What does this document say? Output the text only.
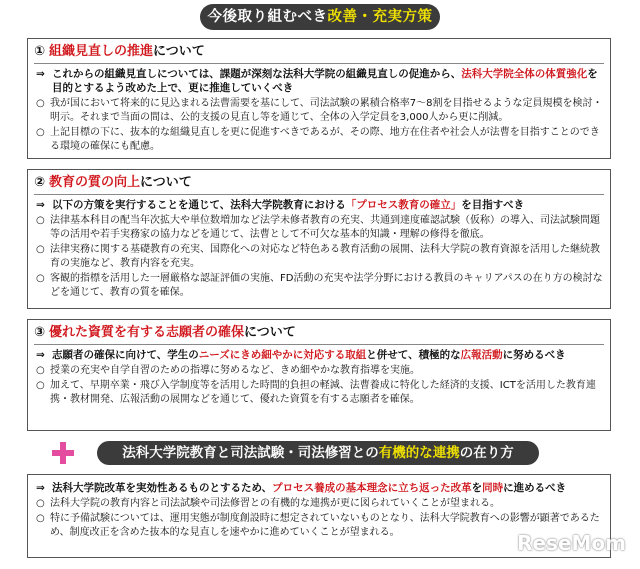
今後取り組むべき改善・充実方策
① 組織見直しの推進について
⇒ これからの組織見直しについては、課題が深刻な法科大学院の組織見直しの促進から、法科大学院全体の体質強化を目的とするよう改めた上で、更に推進していくべき
○ 我が国において将来的に見込まれる法曹需要を基にして、司法試験の累積合格率7～8割を目指せるような定員規模を検討・明示。それまで当面の間は、公的支援の見直し等を通じて、全体の入学定員を3,000人から更に削減。
○ 上記目標の下に、抜本的な組織見直しを更に促進すべきであるが、その際、地方在住者や社会人が法曹を目指すことのできる環境の確保にも配慮。
② 教育の質の向上について
⇒ 以下の方策を実行することを通じて、法科大学院教育における「プロセス教育の確立」を目指すべき
○ 法律基本科目の配当年次拡大や単位数増加など法学未修者教育の充実、共通到達度確認試験（仮称）の導入、司法試験問題等の活用や若手実務家の協力などを通じて、法曹として不可欠な基本的知識・理解の修得を徹底。
○ 法律実務に関する基礎教育の充実、国際化への対応など特色ある教育活動の展開、法科大学院の教育資源を活用した継続教育の実施など、教育内容を充実。
○ 客観的指標を活用した一層厳格な認証評価の実施、FD活動の充実や法学分野における教員のキャリアパスの在り方の検討などを通じて、教育の質を確保。
③ 優れた資質を有する志願者の確保について
⇒ 志願者の確保に向けて、学生のニーズにきめ細やかに対応する取組と併せて、積極的な広報活動に努めるべき
○ 授業の充実や自学自習のための指導に努めるなど、きめ細やかな教育指導を実施。
○ 加えて、早期卒業・飛び入学制度等を活用した時間的負担の軽減、法曹養成に特化した経済的支援、ICTを活用した教育連携・教材開発、広報活動の展開などを通じて、優れた資質を有する志願者を確保。
法科大学院教育と司法試験・司法修習との有機的な連携の在り方
⇒ 法科大学院改革を実効性あるものとするため、プロセス養成の基本理念に立ち返った改革を同時に進めるべき
○ 法科大学院の教育内容と司法試験や司法修習との有機的な連携が更に図られていくことが望まれる。
○ 特に予備試験については、運用実態が制度創設時に想定されていないものとなり、法科大学院教育への影響が顕著であるため、制度改正を含めた抜本的な見直しを速やかに進めていくことが望まれる。	ReseMom
